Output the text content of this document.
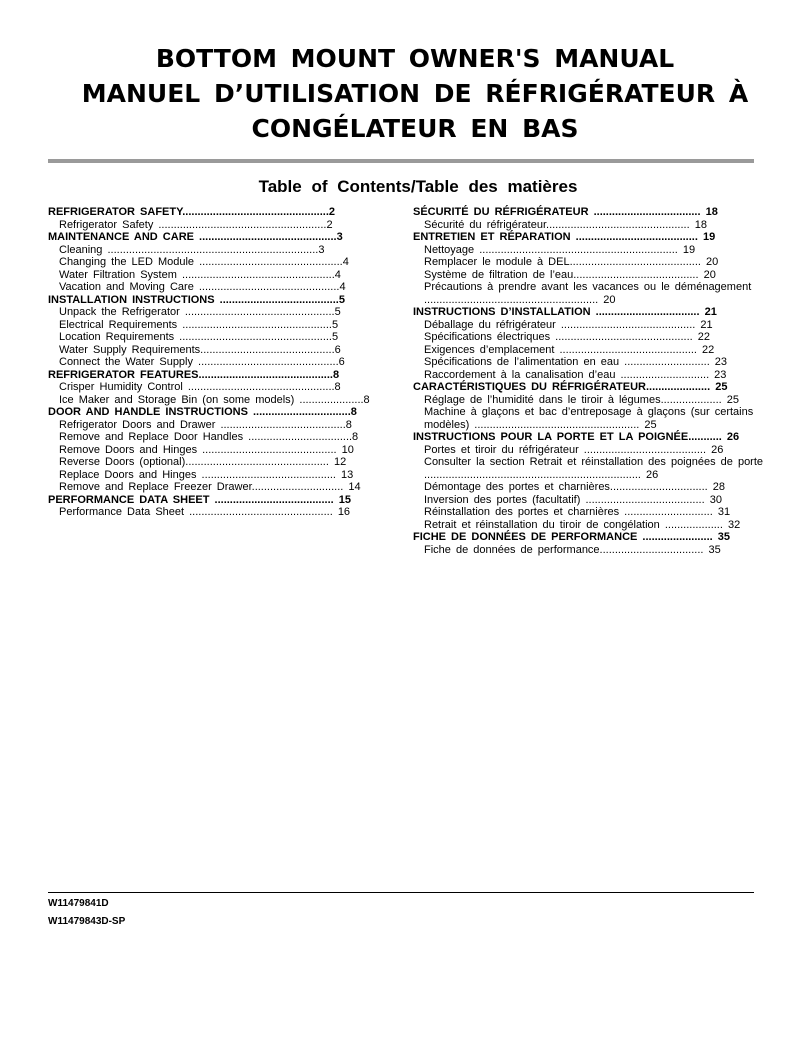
BOTTOM MOUNT OWNER'S MANUAL
MANUEL D’UTILISATION DE RÉFRIGÉRATEUR À
CONGÉLATEUR EN BAS
Table of Contents/Table des matières
REFRIGERATOR SAFETY................................................2
Refrigerator Safety .......................................................2
MAINTENANCE AND CARE .............................................3
Cleaning .....................................................................3
Changing the LED Module ...............................................4
Water Filtration System ..................................................4
Vacation and Moving Care ..............................................4
INSTALLATION INSTRUCTIONS .......................................5
Unpack the Refrigerator .................................................5
Electrical Requirements .................................................5
Location Requirements ..................................................5
Water Supply Requirements............................................6
Connect the Water Supply ..............................................6
REFRIGERATOR FEATURES............................................8
Crisper Humidity Control ................................................8
Ice Maker and Storage Bin (on some models) .....................8
DOOR AND HANDLE INSTRUCTIONS ................................8
Refrigerator Doors and Drawer .........................................8
Remove and Replace Door Handles ..................................8
Remove Doors and Hinges ............................................ 10
Reverse Doors (optional)............................................... 12
Replace Doors and Hinges ............................................ 13
Remove and Replace Freezer Drawer.............................. 14
PERFORMANCE DATA SHEET ....................................... 15
Performance Data Sheet ............................................... 16
SÉCURITÉ DU RÉFRIGÉRATEUR ................................... 18
Sécurité du réfrigérateur............................................... 18
ENTRETIEN ET RÉPARATION ........................................ 19
Nettoyage ................................................................. 19
Remplacer le module à DEL........................................... 20
Système de filtration de l’eau......................................... 20
Précautions à prendre avant les vacances ou le déménagement ......................................................... 20
INSTRUCTIONS D’INSTALLATION .................................. 21
Déballage du réfrigérateur ............................................ 21
Spécifications électriques ............................................. 22
Exigences d’emplacement ............................................. 22
Spécifications de l’alimentation en eau ............................ 23
Raccordement à la canalisation d’eau ............................. 23
CARACTÉRISTIQUES DU RÉFRIGÉRATEUR..................... 25
Réglage de l’humidité dans le tiroir à légumes.................... 25
Machine à glaçons et bac d’entreposage à glaçons (sur certains modèles) ...................................................... 25
INSTRUCTIONS POUR LA PORTE ET LA POIGNÉE........... 26
Portes et tiroir du réfrigérateur ........................................ 26
Consulter la section Retrait et réinstallation des poignées de porte ....................................................................... 26
Démontage des portes et charnières................................ 28
Inversion des portes (facultatif) ....................................... 30
Réinstallation des portes et charnières ............................. 31
Retrait et réinstallation du tiroir de congélation ................... 32
FICHE DE DONNÉES DE PERFORMANCE ....................... 35
Fiche de données de performance.................................. 35
W11479841D
W11479843D-SP
